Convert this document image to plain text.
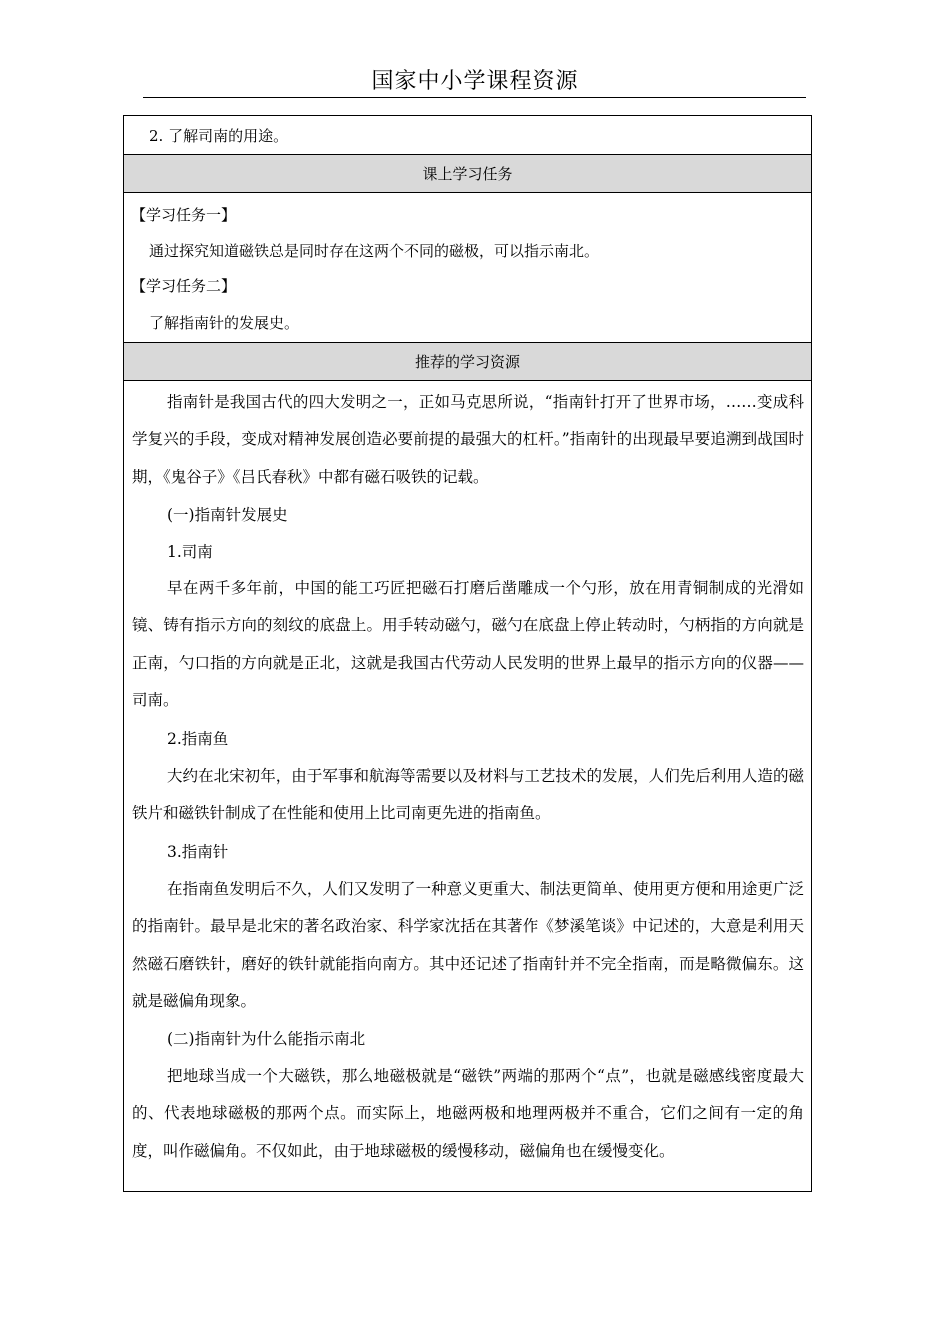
国家中小学课程资源
2. 了解司南的用途。
课上学习任务
【学习任务一】
通过探究知道磁铁总是同时存在这两个不同的磁极，可以指示南北。
【学习任务二】
了解指南针的发展史。
推荐的学习资源
指南针是我国古代的四大发明之一，正如马克思所说，“指南针打开了世界市场，……变成科学复兴的手段，变成对精神发展创造必要前提的最强大的杠杆。”指南针的出现最早要追溯到战国时期，《鬼谷子》《吕氏春秋》中都有磁石吸铁的记载。
(一)指南针发展史
1.司南
早在两千多年前，中国的能工巧匠把磁石打磨后凿雕成一个勺形，放在用青铜制成的光滑如镜、铸有指示方向的刻纹的底盘上。用手转动磁勺，磁勺在底盘上停止转动时，勺柄指的方向就是正南，勺口指的方向就是正北，这就是我国古代劳动人民发明的世界上最早的指示方向的仪器——司南。
2.指南鱼
大约在北宋初年，由于军事和航海等需要以及材料与工艺技术的发展，人们先后利用人造的磁铁片和磁铁针制成了在性能和使用上比司南更先进的指南鱼。
3.指南针
在指南鱼发明后不久，人们又发明了一种意义更重大、制法更简单、使用更方便和用途更广泛的指南针。最早是北宋的著名政治家、科学家沈括在其著作《梦溪笔谈》中记述的，大意是利用天然磁石磨铁针，磨好的铁针就能指向南方。其中还记述了指南针并不完全指南，而是略微偏东。这就是磁偏角现象。
(二)指南针为什么能指示南北
把地球当成一个大磁铁，那么地磁极就是“磁铁”两端的那两个“点”，也就是磁感线密度最大的、代表地球磁极的那两个点。而实际上，地磁两极和地理两极并不重合，它们之间有一定的角度，叫作磁偏角。不仅如此，由于地球磁极的缓慢移动，磁偏角也在缓慢变化。
